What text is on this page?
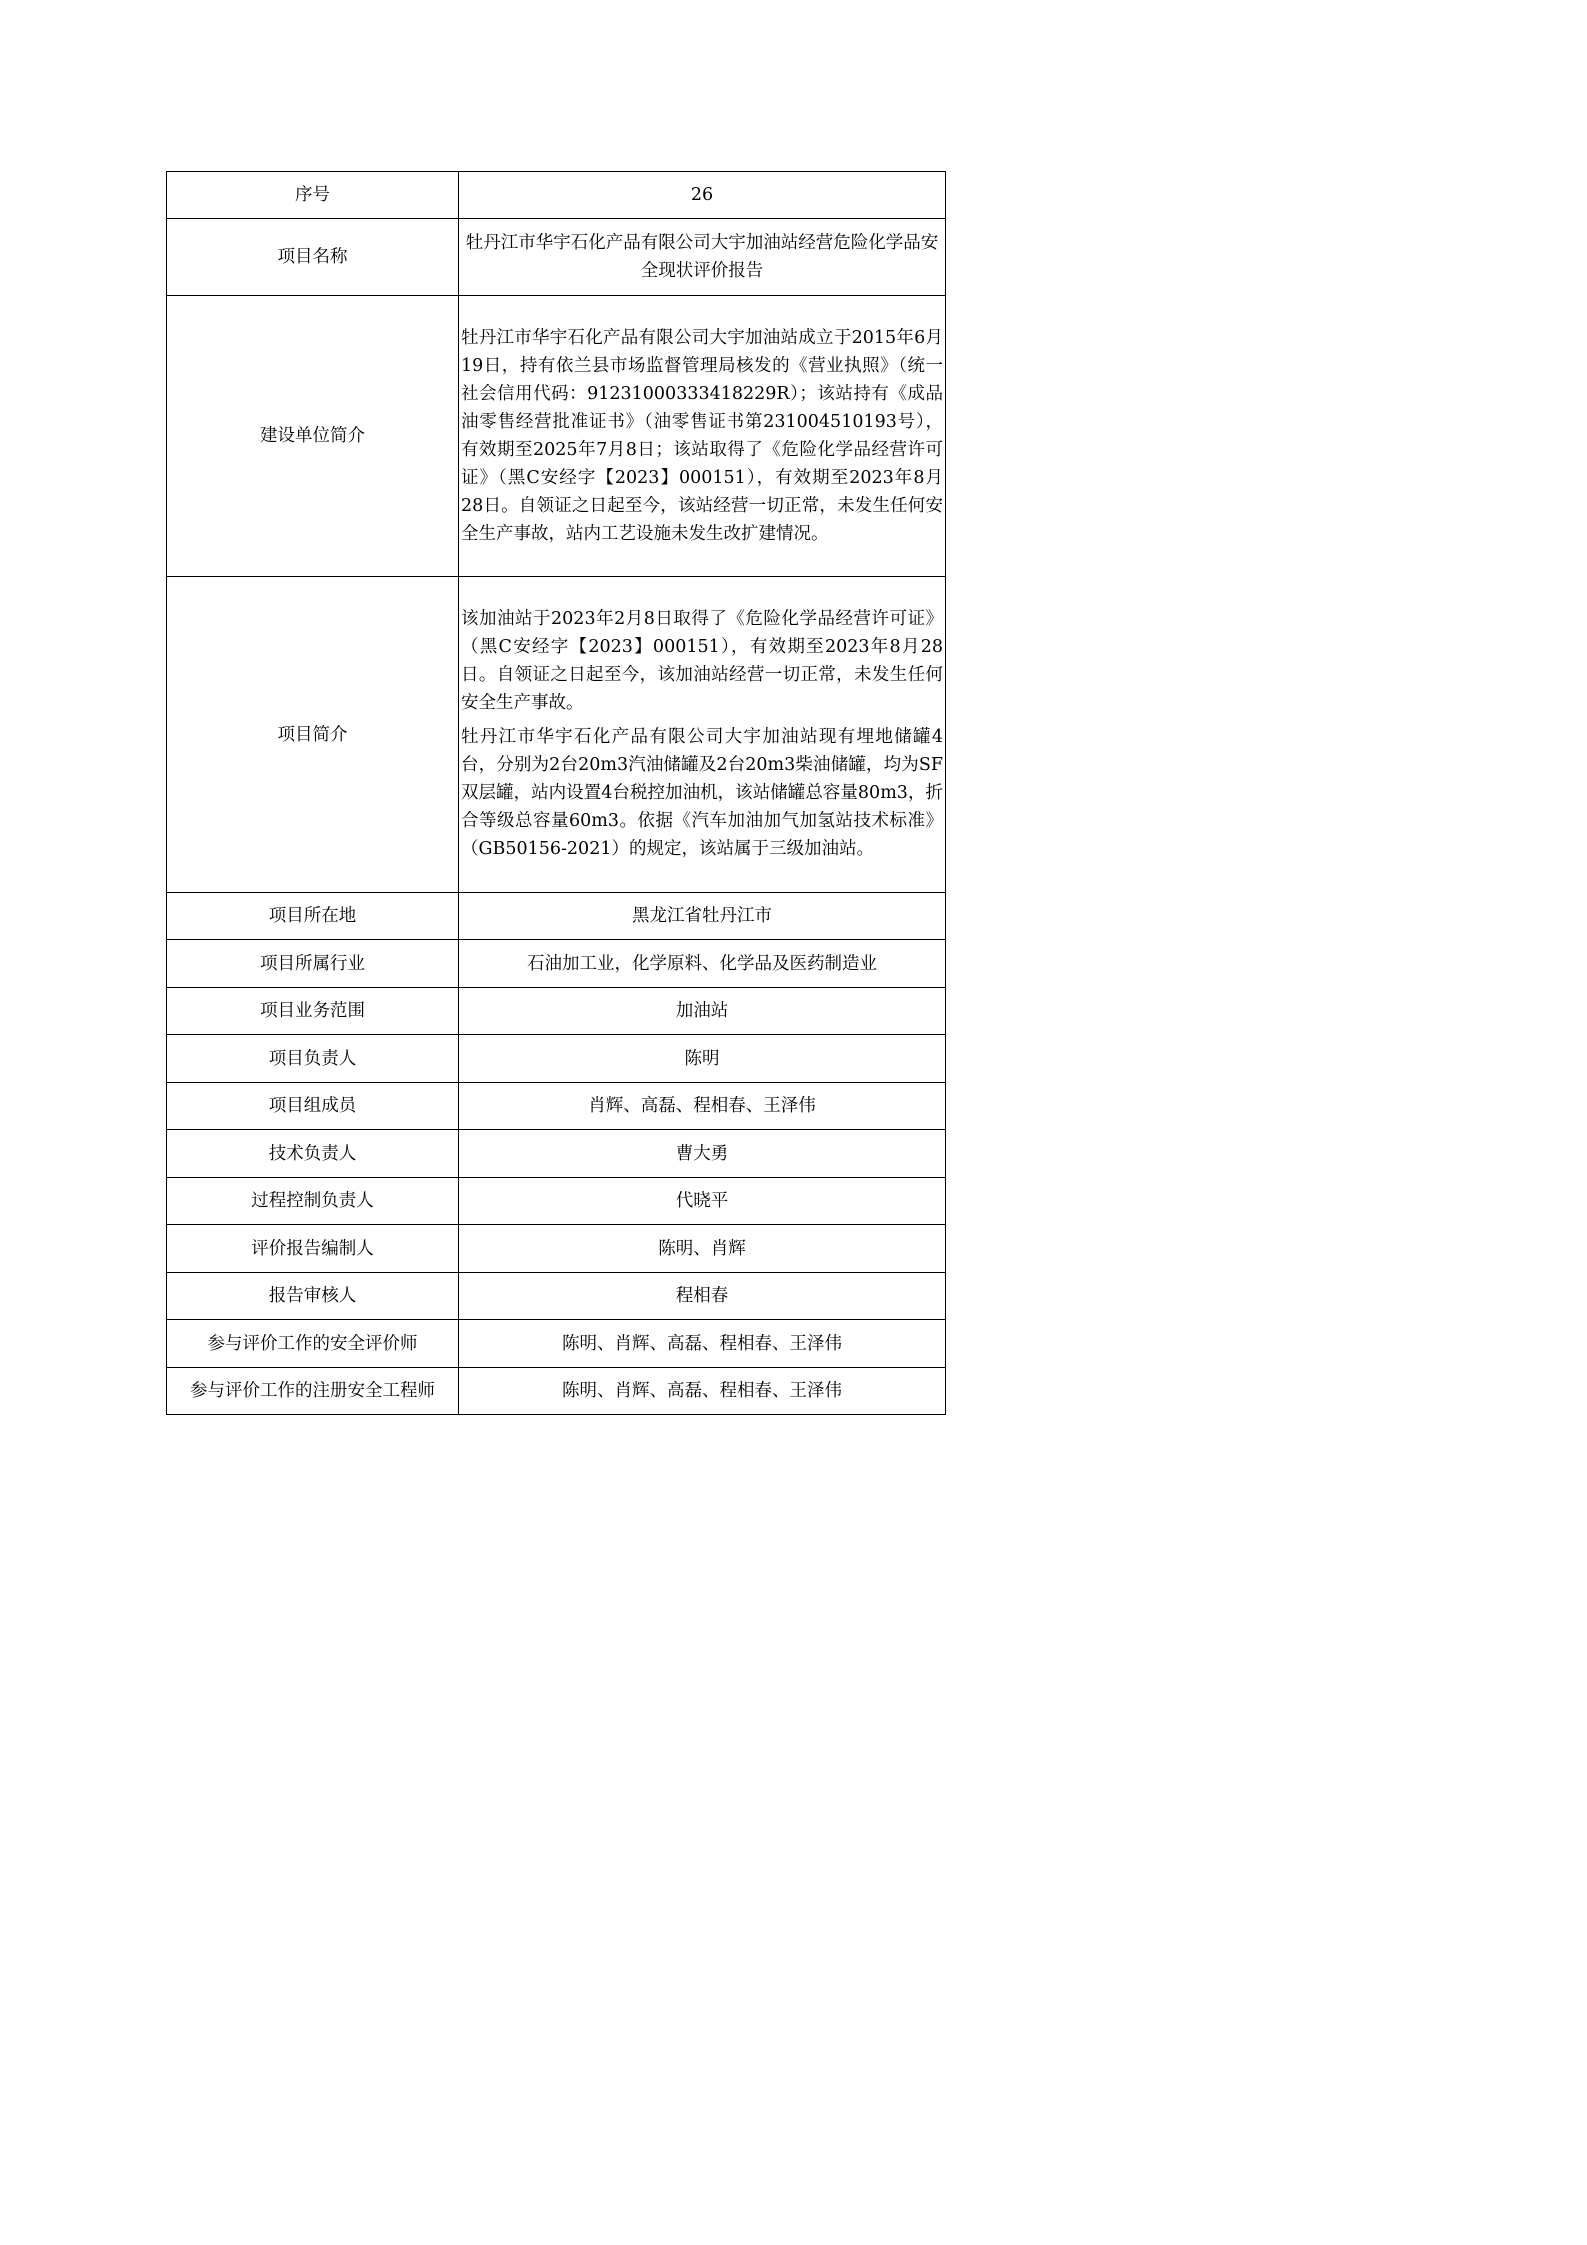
序号	26
项目名称	牡丹江市华宇石化产品有限公司大宇加油站经营危险化学品安全现状评价报告
建设单位简介	牡丹江市华宇石化产品有限公司大宇加油站成立于2015年6月19日，持有依兰县市场监督管理局核发的《营业执照》（统一社会信用代码：91231000333418229R）；该站持有《成品油零售经营批准证书》（油零售证书第231004510193号），有效期至2025年7月8日；该站取得了《危险化学品经营许可证》（黑C安经字【2023】000151），有效期至2023年8月28日。自领证之日起至今，该站经营一切正常，未发生任何安全生产事故，站内工艺设施未发生改扩建情况。

项目简介	该加油站于2023年2月8日取得了《危险化学品经营许可证》（黑C安经字【2023】000151），有效期至2023年8月28日。自领证之日起至今，该加油站经营一切正常，未发生任何安全生产事故。

牡丹江市华宇石化产品有限公司大宇加油站现有埋地储罐4台，分别为2台20m3汽油储罐及2台20m3柴油储罐，均为SF双层罐，站内设置4台税控加油机，该站储罐总容量80m3，折合等级总容量60m3。依据《汽车加油加气加氢站技术标准》（GB50156-2021）的规定，该站属于三级加油站。

项目所在地	黑龙江省牡丹江市
项目所属行业	石油加工业，化学原料、化学品及医药制造业
项目业务范围	加油站
项目负责人	陈明
项目组成员	肖辉、高磊、程相春、王泽伟
技术负责人	曹大勇
过程控制负责人	代晓平
评价报告编制人	陈明、肖辉
报告审核人	程相春
参与评价工作的安全评价师	陈明、肖辉、高磊、程相春、王泽伟
参与评价工作的注册安全工程师	陈明、肖辉、高磊、程相春、王泽伟
